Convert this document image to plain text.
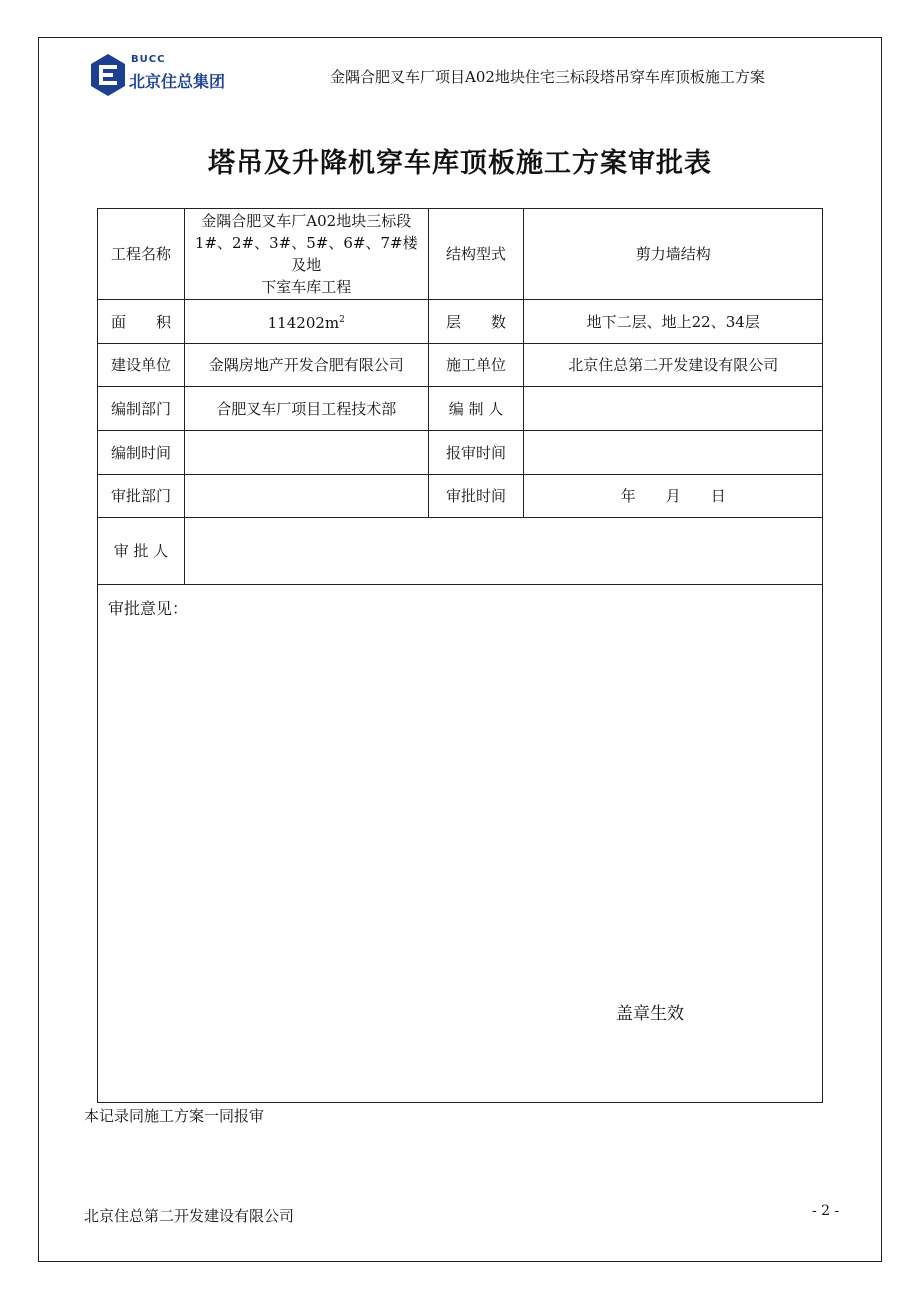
BUCC
北京住总集团	金隅合肥叉车厂项目A02地块住宅三标段塔吊穿车库顶板施工方案
塔吊及升降机穿车库顶板施工方案审批表
工程名称	金隅合肥叉车厂A02地块三标段
1#、2#、3#、5#、6#、7#楼及地
下室车库工程	结构型式	剪力墙结构
面　　积	$114202m^2$	层　　数	地下二层、地上22、34层
建设单位	金隅房地产开发合肥有限公司	施工单位	北京住总第二开发建设有限公司
编制部门	合肥叉车厂项目工程技术部	编 制 人	
编制时间		报审时间	
审批部门		审批时间	年　　月　　日
审 批 人			
审批意见：
盖章生效
本记录同施工方案一同报审
北京住总第二开发建设有限公司	- 2 -
